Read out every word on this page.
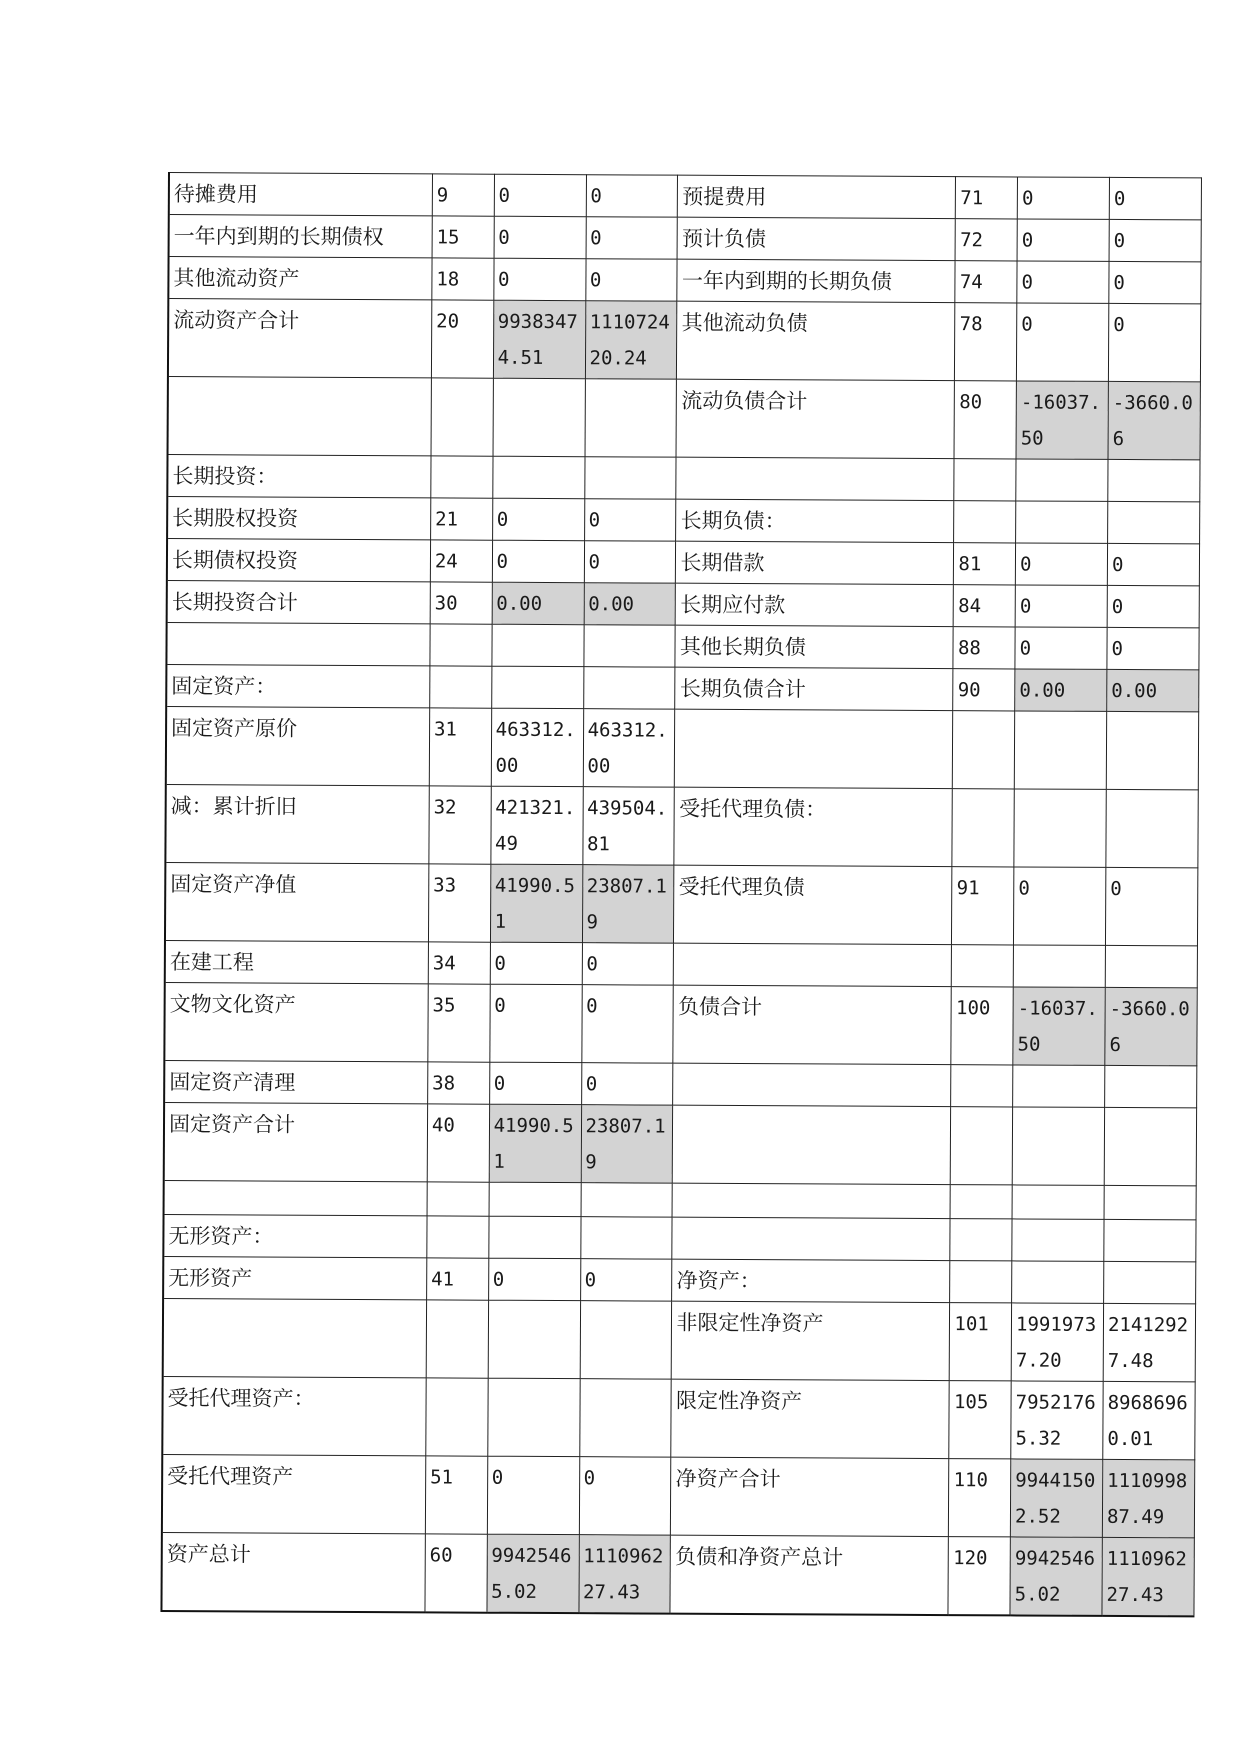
待摊费用	9	0	0	预提费用	71	0	0
一年内到期的长期债权	15	0	0	预计负债	72	0	0
其他流动资产	18	0	0	一年内到期的长期负债	74	0	0
流动资产合计	20	99383474.51	111072420.24	其他流动负债	78	0	0
				流动负债合计	80	-16037.50	-3660.06
长期投资：							
长期股权投资	21	0	0	长期负债：			
长期债权投资	24	0	0	长期借款	81	0	0
长期投资合计	30	0.00	0.00	长期应付款	84	0	0
				其他长期负债	88	0	0
固定资产：				长期负债合计	90	0.00	0.00
固定资产原价	31	463312.00	463312.00				
减：累计折旧	32	421321.49	439504.81	受托代理负债：			
固定资产净值	33	41990.51	23807.19	受托代理负债	91	0	0
在建工程	34	0	0				
文物文化资产	35	0	0	负债合计	100	-16037.50	-3660.06
固定资产清理	38	0	0				
固定资产合计	40	41990.51	23807.19				

无形资产：							
无形资产	41	0	0	净资产：			
				非限定性净资产	101	19919737.20	21412927.48
受托代理资产：				限定性净资产	105	79521765.32	89686960.01
受托代理资产	51	0	0	净资产合计	110	99441502.52	111099887.49
资产总计	60	99425465.02	111096227.43	负债和净资产总计	120	99425465.02	111096227.43
